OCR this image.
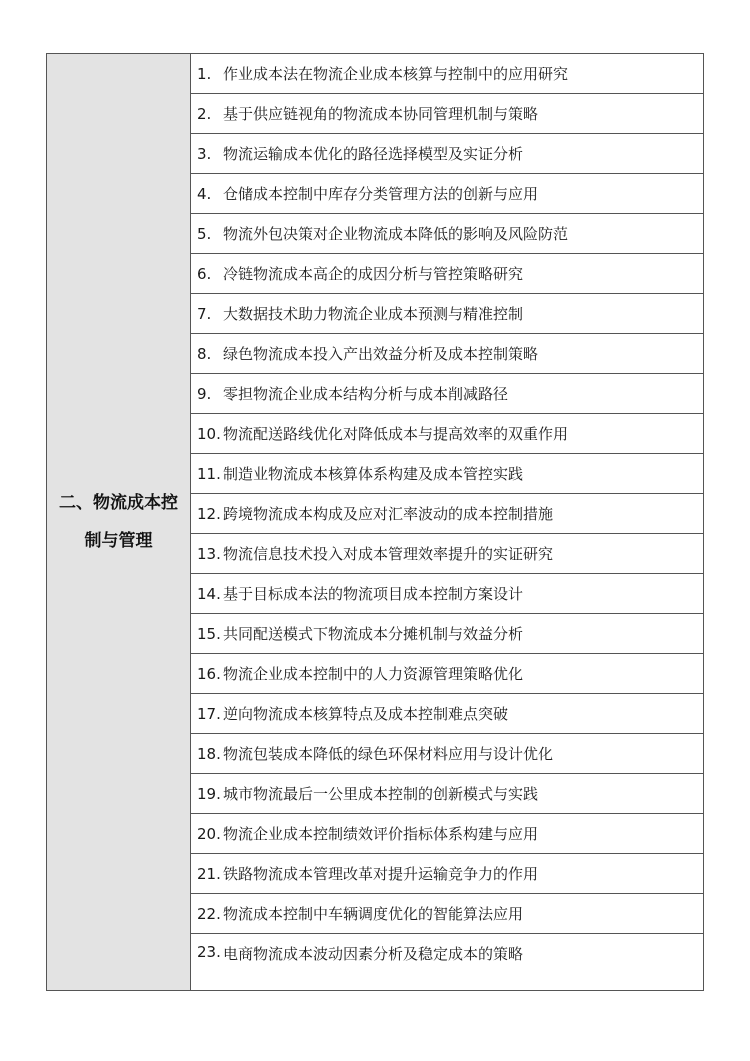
二、物流成本控
制与管理
1. 作业成本法在物流企业成本核算与控制中的应用研究
2. 基于供应链视角的物流成本协同管理机制与策略
3. 物流运输成本优化的路径选择模型及实证分析
4. 仓储成本控制中库存分类管理方法的创新与应用
5. 物流外包决策对企业物流成本降低的影响及风险防范
6. 冷链物流成本高企的成因分析与管控策略研究
7. 大数据技术助力物流企业成本预测与精准控制
8. 绿色物流成本投入产出效益分析及成本控制策略
9. 零担物流企业成本结构分析与成本削减路径
10. 物流配送路线优化对降低成本与提高效率的双重作用
11. 制造业物流成本核算体系构建及成本管控实践
12. 跨境物流成本构成及应对汇率波动的成本控制措施
13. 物流信息技术投入对成本管理效率提升的实证研究
14. 基于目标成本法的物流项目成本控制方案设计
15. 共同配送模式下物流成本分摊机制与效益分析
16. 物流企业成本控制中的人力资源管理策略优化
17. 逆向物流成本核算特点及成本控制难点突破
18. 物流包装成本降低的绿色环保材料应用与设计优化
19. 城市物流最后一公里成本控制的创新模式与实践
20. 物流企业成本控制绩效评价指标体系构建与应用
21. 铁路物流成本管理改革对提升运输竞争力的作用
22. 物流成本控制中车辆调度优化的智能算法应用
23. 电商物流成本波动因素分析及稳定成本的策略
